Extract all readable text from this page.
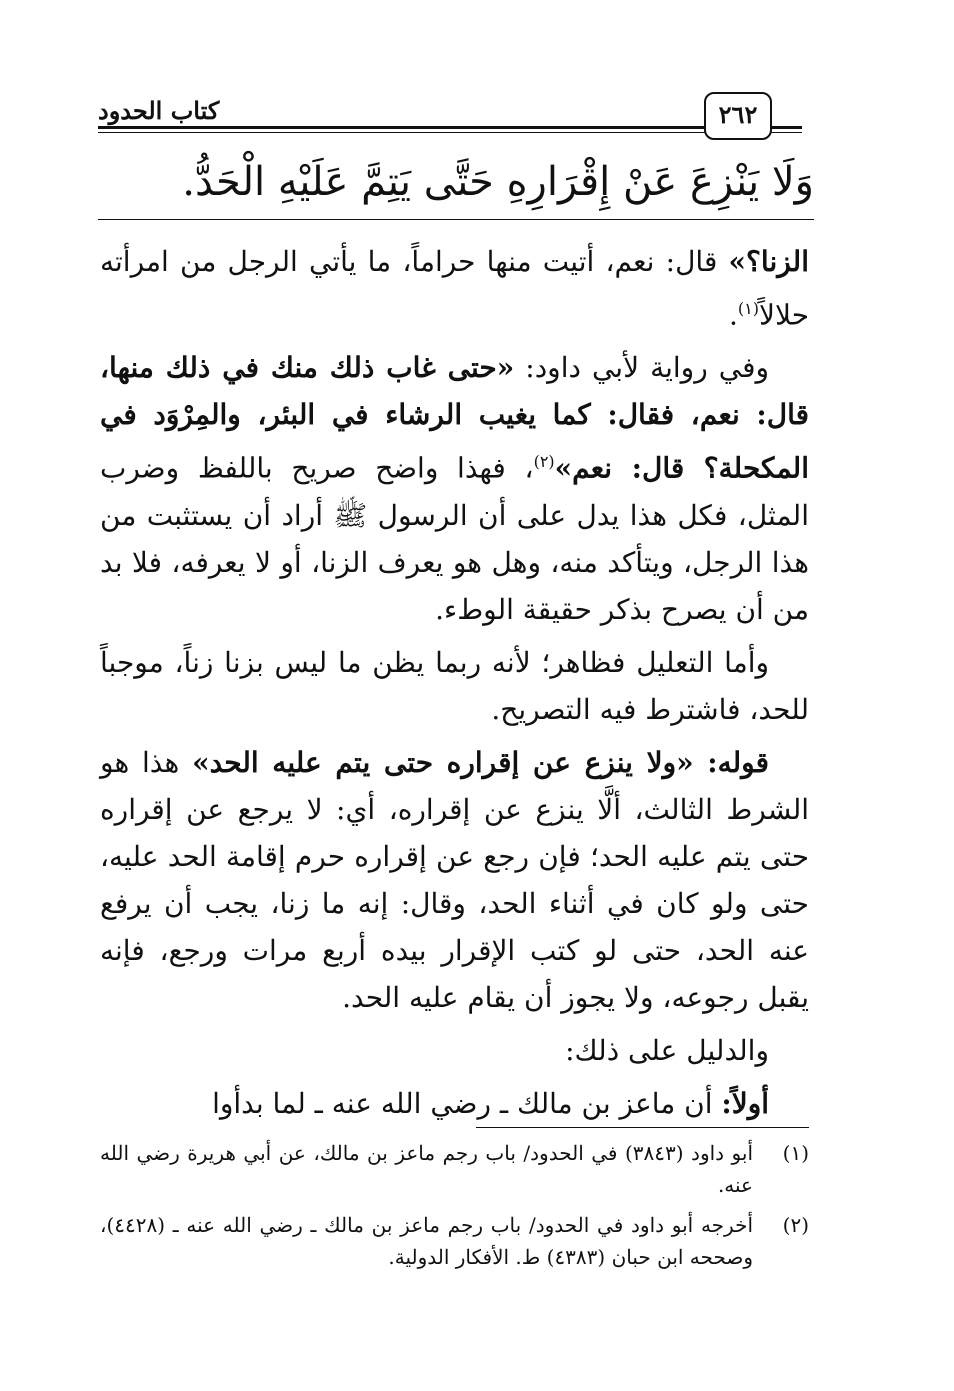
٢٦٢
كتاب الحدود
وَلَا يَنْزِعَ عَنْ إِقْرَارِهِ حَتَّى يَتِمَّ عَلَيْهِ الْحَدُّ.

الزنا؟» قال: نعم، أتيت منها حراماً، ما يأتي الرجل من امرأته حلالاً$^{(١)}$.

وفي رواية لأبي داود: «حتى غاب ذلك منك في ذلك منها، قال: نعم، فقال: كما يغيب الرشاء في البئر، والمِرْوَد في المكحلة؟ قال: نعم»$^{(٢)}$، فهذا واضح صريح باللفظ وضرب المثل، فكل هذا يدل على أن الرسول ﷺ أراد أن يستثبت من هذا الرجل، ويتأكد منه، وهل هو يعرف الزنا، أو لا يعرفه، فلا بد من أن يصرح بذكر حقيقة الوطء.

وأما التعليل فظاهر؛ لأنه ربما يظن ما ليس بزنا زناً، موجباً للحد، فاشترط فيه التصريح.

قوله: «ولا ينزع عن إقراره حتى يتم عليه الحد» هذا هو الشرط الثالث، ألَّا ينزع عن إقراره، أي: لا يرجع عن إقراره حتى يتم عليه الحد؛ فإن رجع عن إقراره حرم إقامة الحد عليه، حتى ولو كان في أثناء الحد، وقال: إنه ما زنا، يجب أن يرفع عنه الحد، حتى لو كتب الإقرار بيده أربع مرات ورجع، فإنه يقبل رجوعه، ولا يجوز أن يقام عليه الحد.

والدليل على ذلك:

أولاً: أن ماعز بن مالك ـ رضي الله عنه ـ لما بدأوا

(١)
أبو داود (٣٨٤٣) في الحدود/ باب رجم ماعز بن مالك، عن أبي هريرة رضي الله عنه.
(٢)
أخرجه أبو داود في الحدود/ باب رجم ماعز بن مالك ـ رضي الله عنه ـ (٤٤٢٨)، وصححه ابن حبان (٤٣٨٣) ط. الأفكار الدولية.
